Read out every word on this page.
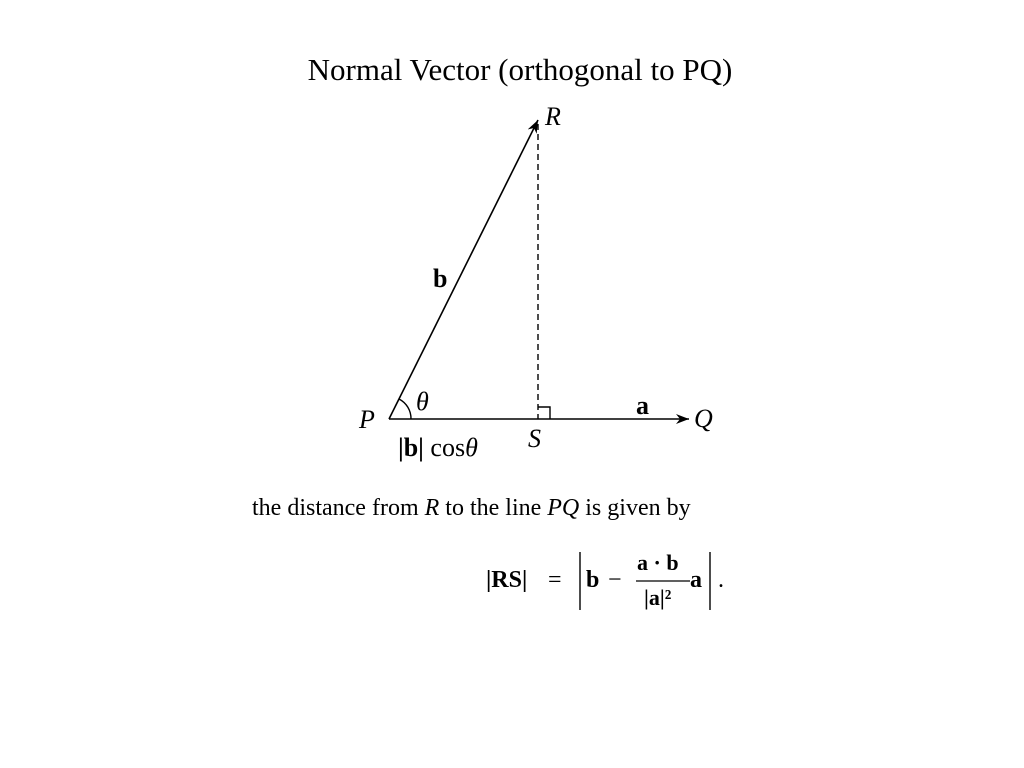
Normal Vector (orthogonal to PQ)
R
P	Q
S
b
a
θ
|b| cosθ
the distance from R to the line PQ is given by
|RS| = b −
a · b
|a|²
a .
